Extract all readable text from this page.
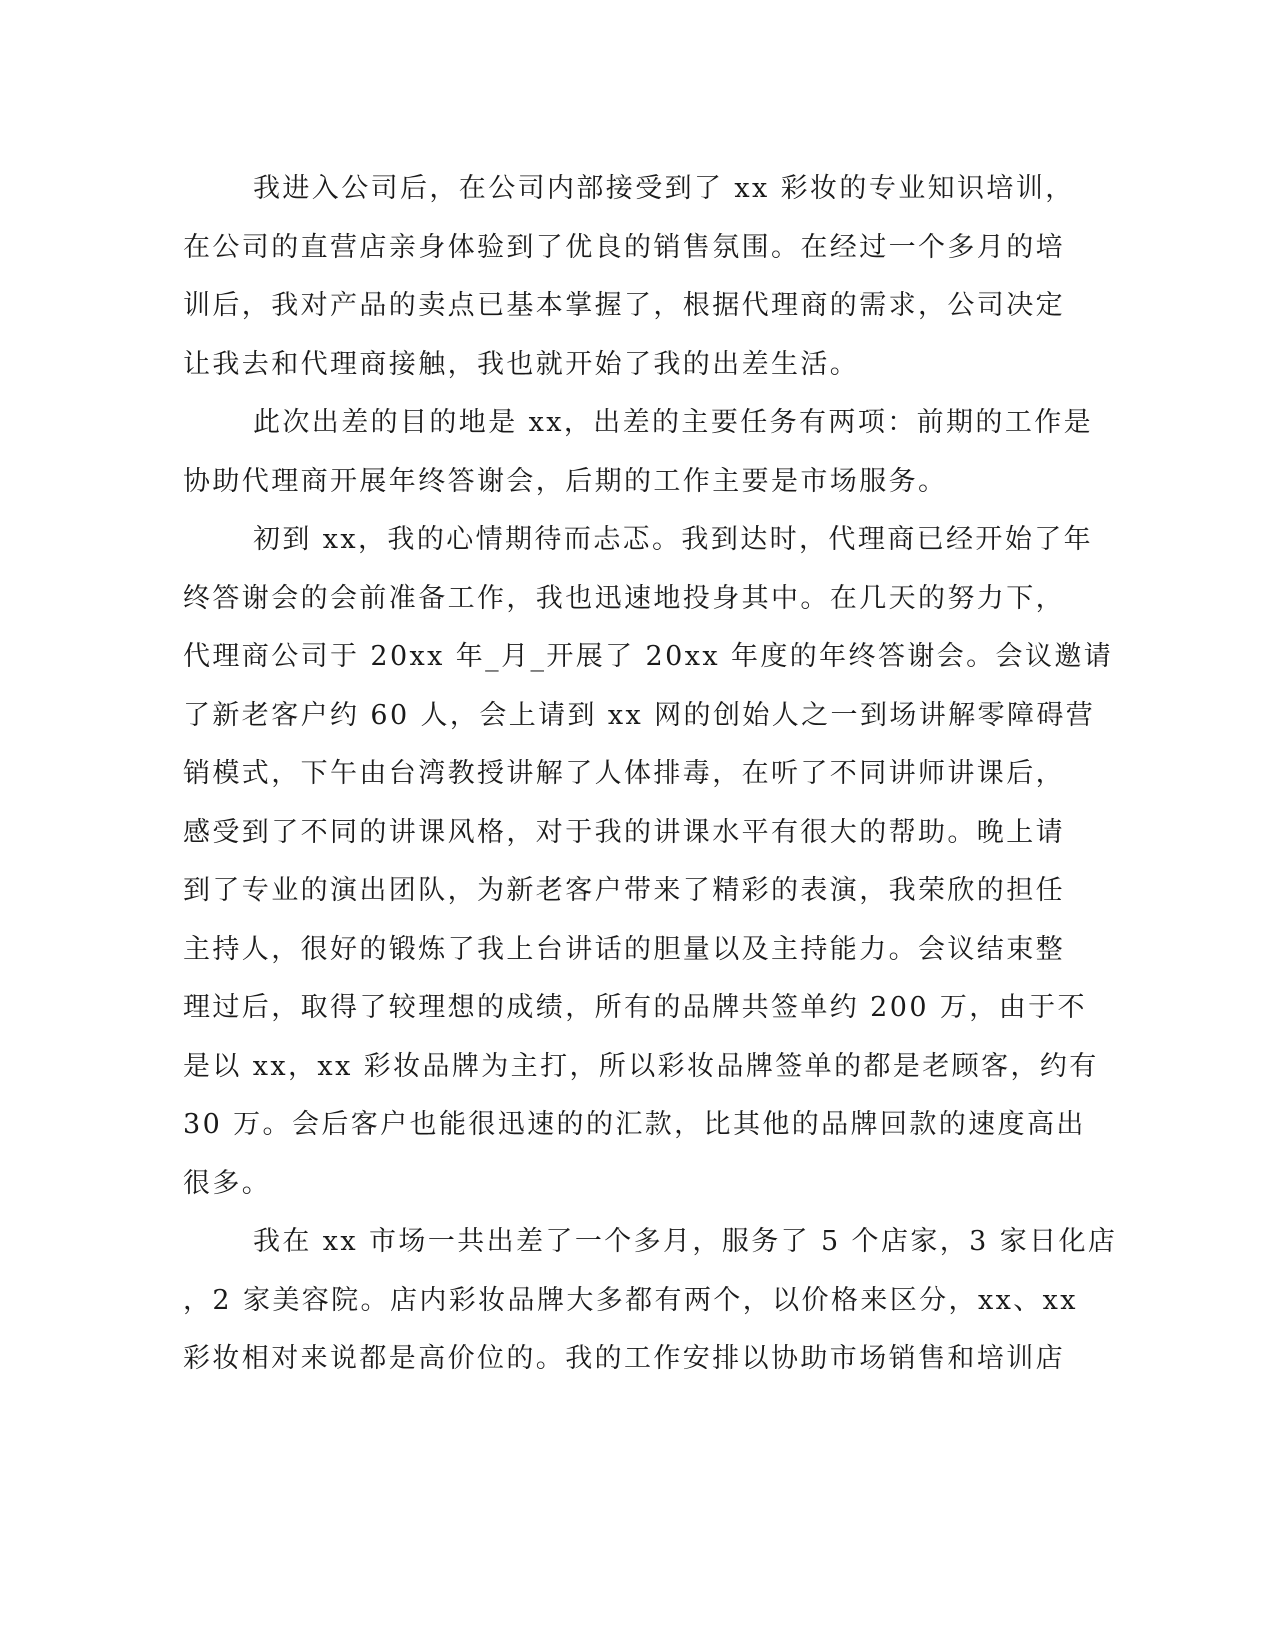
我进入公司后，在公司内部接受到了 xx 彩妆的专业知识培训，
在公司的直营店亲身体验到了优良的销售氛围。在经过一个多月的培
训后，我对产品的卖点已基本掌握了，根据代理商的需求，公司决定
让我去和代理商接触，我也就开始了我的出差生活。
此次出差的目的地是 xx，出差的主要任务有两项：前期的工作是
协助代理商开展年终答谢会，后期的工作主要是市场服务。
初到 xx，我的心情期待而忐忑。我到达时，代理商已经开始了年
终答谢会的会前准备工作，我也迅速地投身其中。在几天的努力下，
代理商公司于 20xx 年_月_开展了 20xx 年度的年终答谢会。会议邀请
了新老客户约 60 人，会上请到 xx 网的创始人之一到场讲解零障碍营
销模式，下午由台湾教授讲解了人体排毒，在听了不同讲师讲课后，
感受到了不同的讲课风格，对于我的讲课水平有很大的帮助。晚上请
到了专业的演出团队，为新老客户带来了精彩的表演，我荣欣的担任
主持人，很好的锻炼了我上台讲话的胆量以及主持能力。会议结束整
理过后，取得了较理想的成绩，所有的品牌共签单约 200 万，由于不
是以 xx，xx 彩妆品牌为主打，所以彩妆品牌签单的都是老顾客，约有
30 万。会后客户也能很迅速的的汇款，比其他的品牌回款的速度高出
很多。
我在 xx 市场一共出差了一个多月，服务了 5 个店家，3 家日化店
，2 家美容院。店内彩妆品牌大多都有两个，以价格来区分，xx、xx
彩妆相对来说都是高价位的。我的工作安排以协助市场销售和培训店
